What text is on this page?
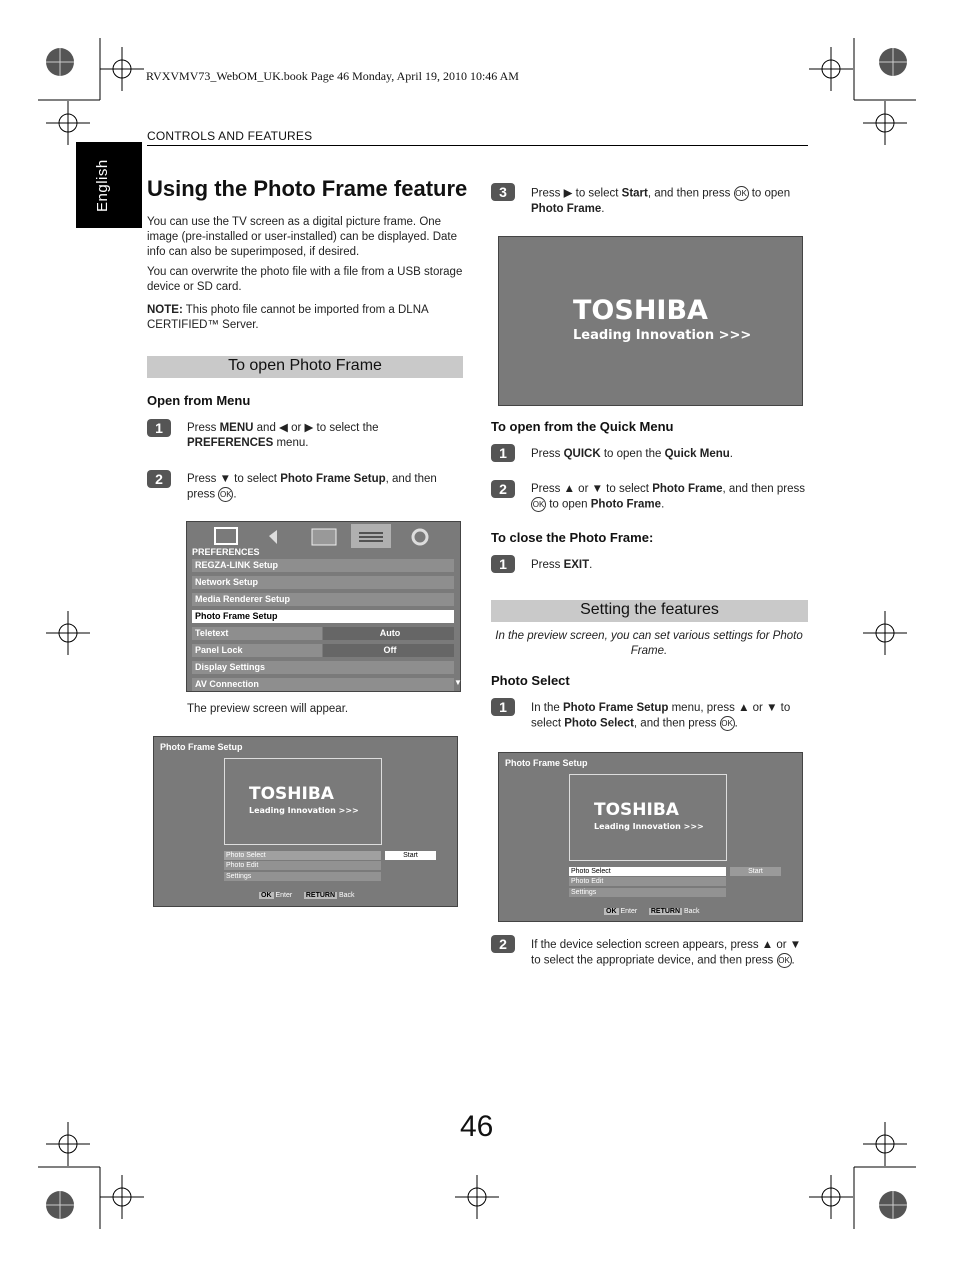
RVXVMV73_WebOM_UK.book Page 46 Monday, April 19, 2010 10:46 AM
CONTROLS AND FEATURES
English Using the Photo Frame feature

You can use the TV screen as a digital picture frame. One image (pre-installed or user-installed) can be displayed. Date info can also be superimposed, if desired.

You can overwrite the photo file with a file from a USB storage device or SD card.

NOTE: This photo file cannot be imported from a DLNA CERTIFIED™ Server.

To open Photo Frame
Open from Menu
1	Press MENU and ◀ or ▶ to select the PREFERENCES menu.

2	Press ▼ to select Photo Frame Setup, and then press OK .

PREFERENCES
REGZA-LINK Setup
Network Setup
Media Renderer Setup
Photo Frame Setup
Teletext	Auto
Panel Lock	Off
Display Settings
AV Connection	▼

The preview screen will appear.

Photo Frame Setup
TOSHIBA
Leading Innovation >>>
Photo Select
Photo Edit
Settings
Start
OK Enter RETURN Back
3	Press ▶ to select Start, and then press OK to open Photo Frame.

TOSHIBA
Leading Innovation >>>
To open from the Quick Menu
1	Press QUICK to open the Quick Menu.

2	Press ▲ or ▼ to select Photo Frame, and then press OK to open Photo Frame.

To close the Photo Frame:
1	Press EXIT.

Setting the features

In the preview screen, you can set various settings for Photo Frame.

Photo Select
1	In the Photo Frame Setup menu, press ▲ or ▼ to select Photo Select, and then press OK .

Photo Frame Setup
TOSHIBA
Leading Innovation >>>
Photo Select
Photo Edit
Settings
Start
OK Enter RETURN Back
2	If the device selection screen appears, press ▲ or ▼ to select the appropriate device, and then press OK .

46
